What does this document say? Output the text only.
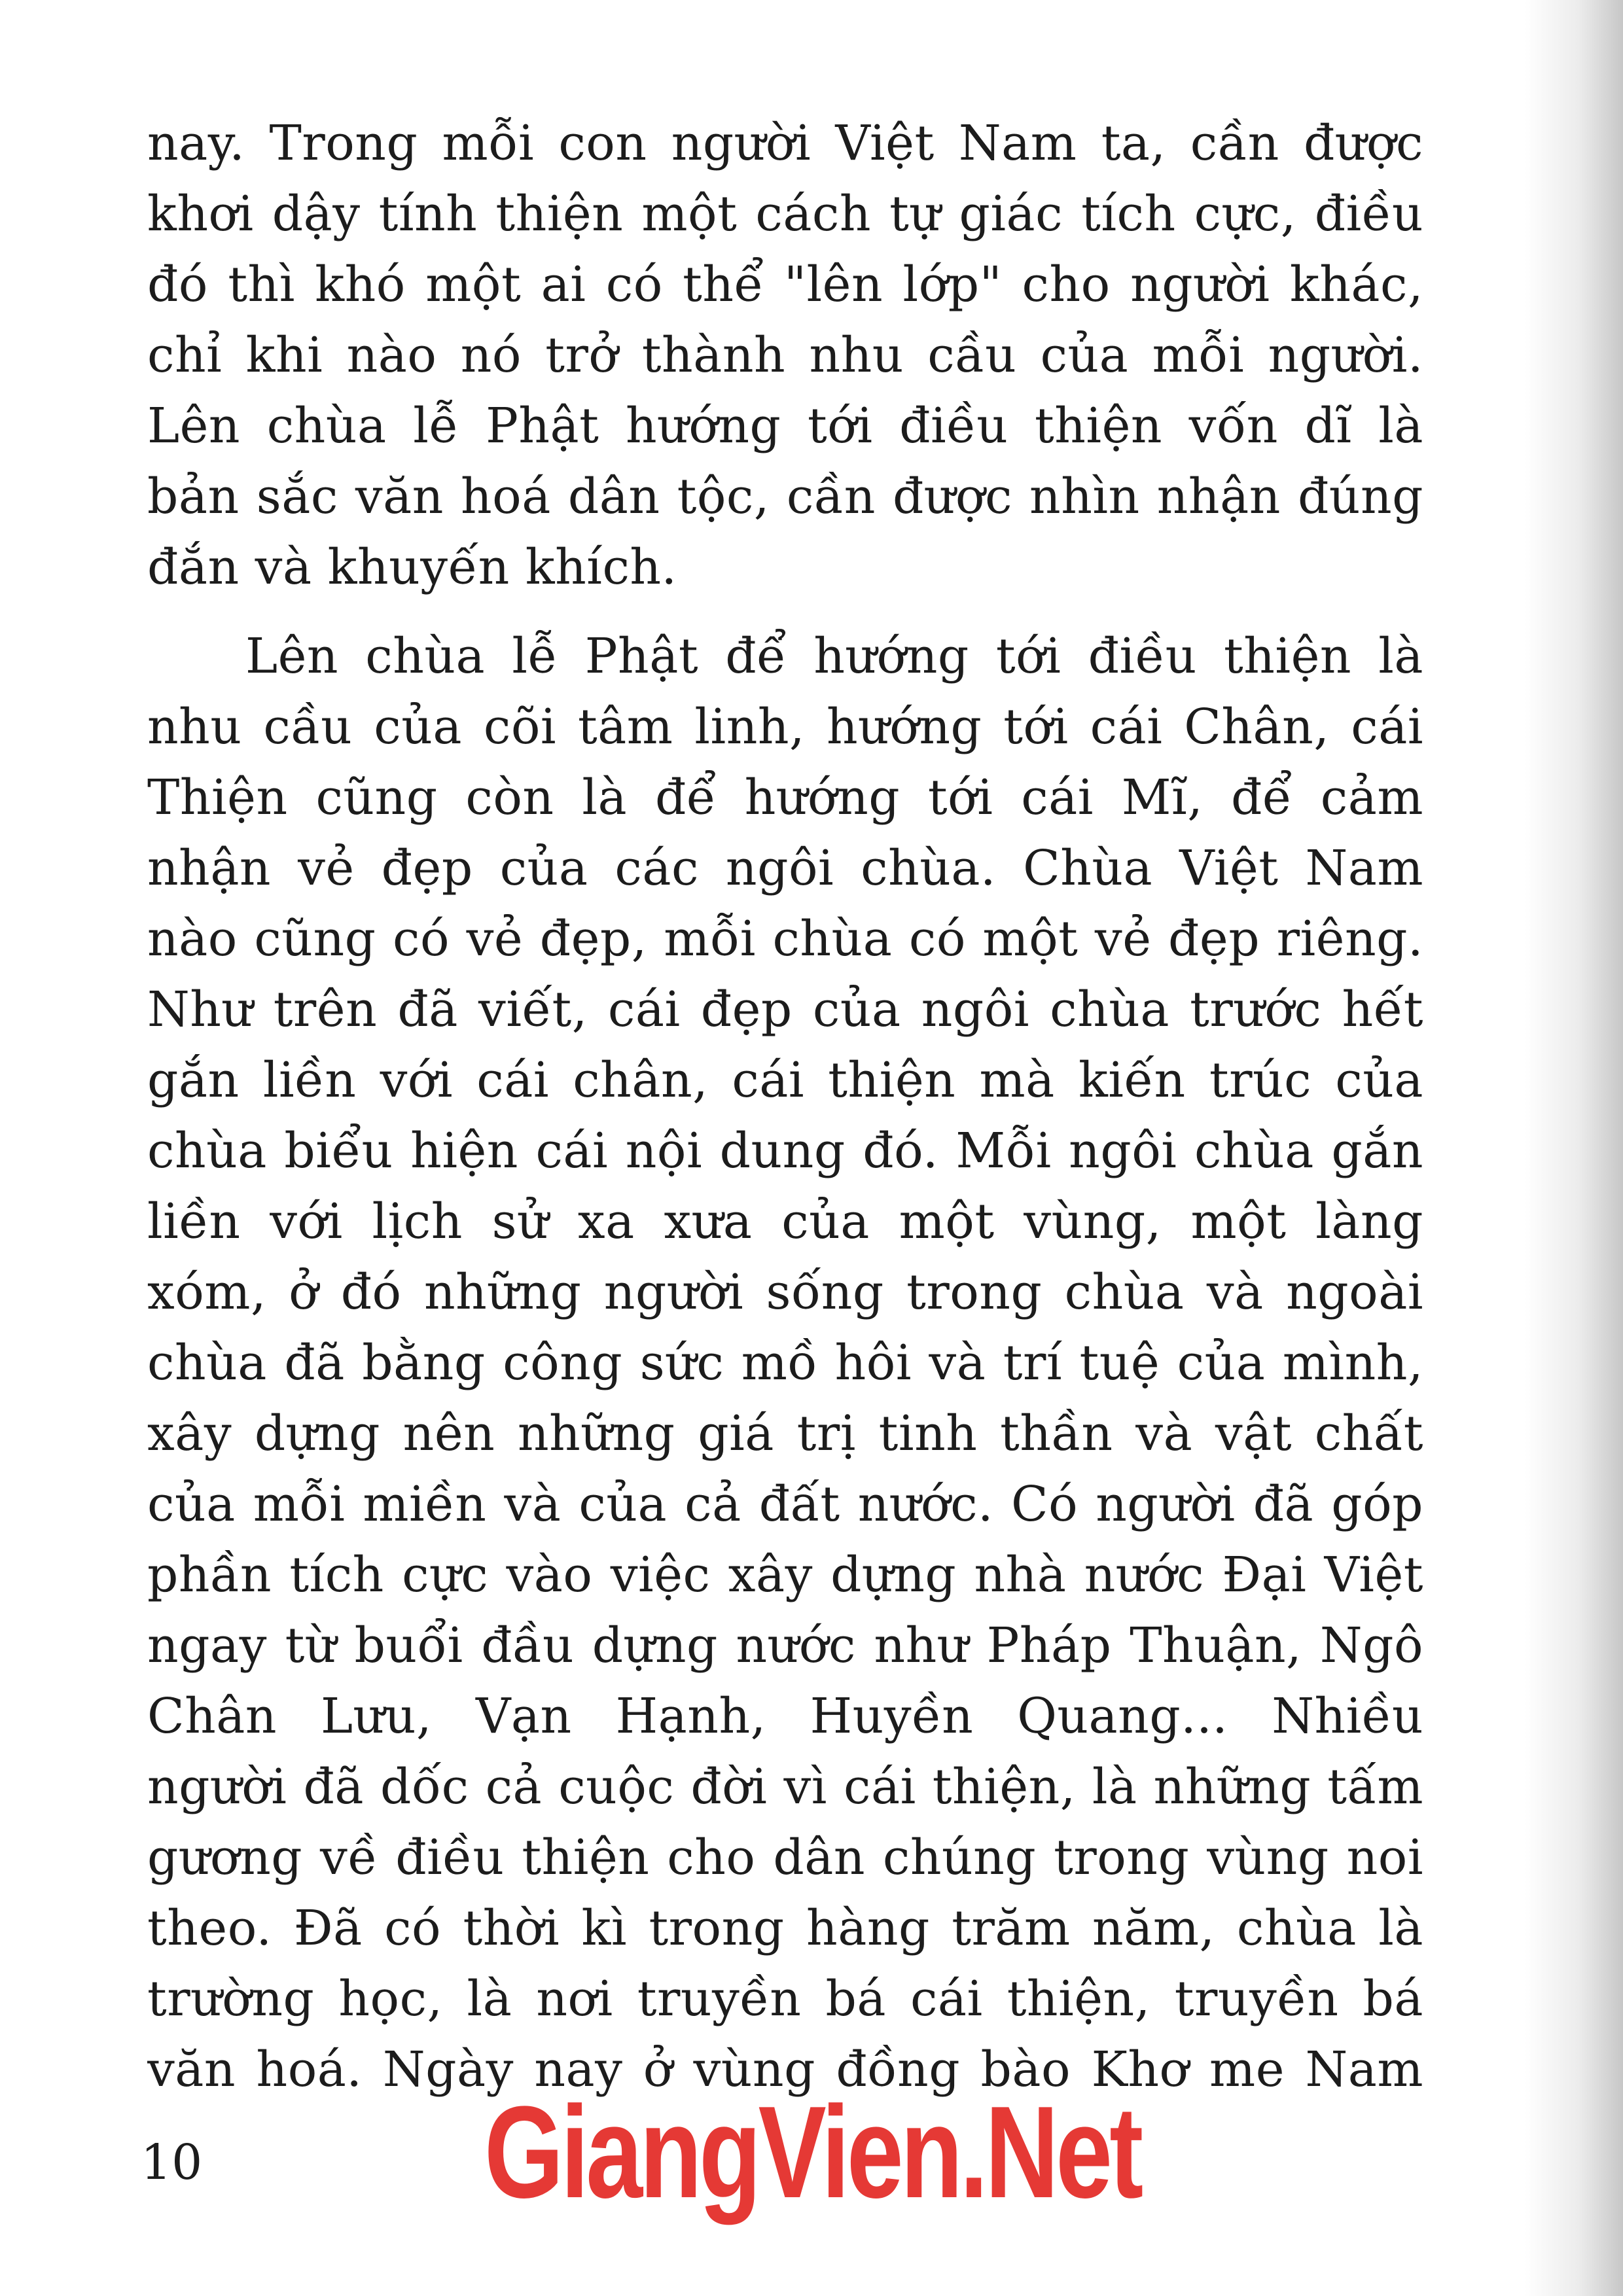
nay. Trong mỗi con người Việt Nam ta, cần được
khơi dậy tính thiện một cách tự giác tích cực, điều
đó thì khó một ai có thể "lên lớp" cho người khác,
chỉ khi nào nó trở thành nhu cầu của mỗi người.
Lên chùa lễ Phật hướng tới điều thiện vốn dĩ là
bản sắc văn hoá dân tộc, cần được nhìn nhận đúng
đắn và khuyến khích.

Lên chùa lễ Phật để hướng tới điều thiện là
nhu cầu của cõi tâm linh, hướng tới cái Chân, cái
Thiện cũng còn là để hướng tới cái Mĩ, để cảm
nhận vẻ đẹp của các ngôi chùa. Chùa Việt Nam
nào cũng có vẻ đẹp, mỗi chùa có một vẻ đẹp riêng.
Như trên đã viết, cái đẹp của ngôi chùa trước hết
gắn liền với cái chân, cái thiện mà kiến trúc của
chùa biểu hiện cái nội dung đó. Mỗi ngôi chùa gắn
liền với lịch sử xa xưa của một vùng, một làng
xóm, ở đó những người sống trong chùa và ngoài
chùa đã bằng công sức mồ hôi và trí tuệ của mình,
xây dựng nên những giá trị tinh thần và vật chất
của mỗi miền và của cả đất nước. Có người đã góp
phần tích cực vào việc xây dựng nhà nước Đại Việt
ngay từ buổi đầu dựng nước như Pháp Thuận, Ngô
Chân Lưu, Vạn Hạnh, Huyền Quang... Nhiều
người đã dốc cả cuộc đời vì cái thiện, là những tấm
gương về điều thiện cho dân chúng trong vùng noi
theo. Đã có thời kì trong hàng trăm năm, chùa là
trường học, là nơi truyền bá cái thiện, truyền bá
văn hoá. Ngày nay ở vùng đồng bào Khơ me Nam

10 GiangVien.Net
